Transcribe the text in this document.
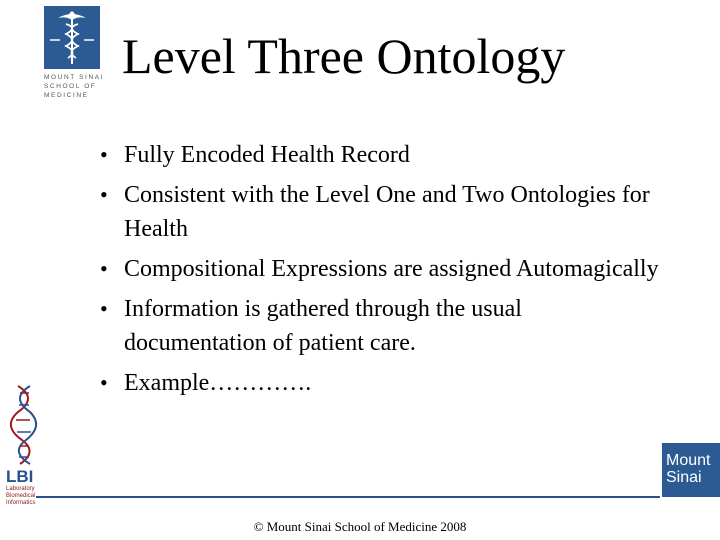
MOUNT SINAI
SCHOOL OF
MEDICINE
Level Three Ontology
• Fully Encoded Health Record
• Consistent with the Level One and Two Ontologies for Health
• Compositional Expressions are assigned Automagically
• Information is gathered through the usual documentation of patient care.
• Example………….
LBI
Laboratory
Biomedical
Informatics
© Mount Sinai School of Medicine 2008
Mount
Sinai
